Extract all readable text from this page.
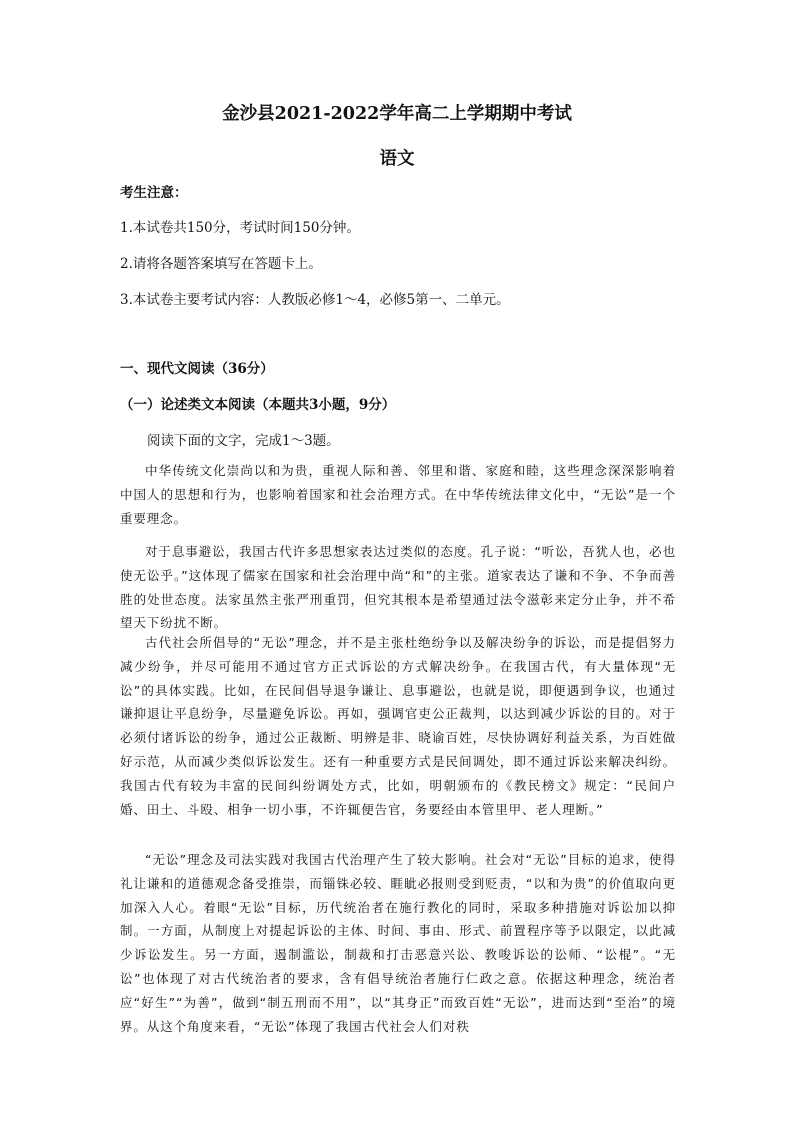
金沙县2021-2022学年高二上学期期中考试
语文
考生注意：
1.本试卷共150分，考试时间150分钟。
2.请将各题答案填写在答题卡上。
3.本试卷主要考试内容：人教版必修1～4，必修5第一、二单元。
一、现代文阅读（36分）
（一）论述类文本阅读（本题共3小题，9分）
阅读下面的文字，完成1～3题。

中华传统文化崇尚以和为贵，重视人际和善、邻里和谐、家庭和睦，这些理念深深影响着中国人的思想和行为，也影响着国家和社会治理方式。在中华传统法律文化中，“无讼”是一个重要理念。

对于息事避讼，我国古代许多思想家表达过类似的态度。孔子说：“听讼，吾犹人也，必也使无讼乎。”这体现了儒家在国家和社会治理中尚“和”的主张。道家表达了谦和不争、不争而善胜的处世态度。法家虽然主张严刑重罚，但究其根本是希望通过法令滋彰来定分止争，并不希望天下纷扰不断。

古代社会所倡导的“无讼”理念，并不是主张杜绝纷争以及解决纷争的诉讼，而是提倡努力减少纷争，并尽可能用不通过官方正式诉讼的方式解决纷争。在我国古代，有大量体现“无讼”的具体实践。比如，在民间倡导退争谦让、息事避讼，也就是说，即便遇到争议，也通过谦抑退让平息纷争，尽量避免诉讼。再如，强调官吏公正裁判，以达到减少诉讼的目的。对于必须付诸诉讼的纷争，通过公正裁断、明辨是非、晓谕百姓，尽快协调好利益关系，为百姓做好示范，从而减少类似诉讼发生。还有一种重要方式是民间调处，即不通过诉讼来解决纠纷。我国古代有较为丰富的民间纠纷调处方式，比如，明朝颁布的《教民榜文》规定：“民间户婚、田土、斗殴、相争一切小事，不许辄便告官，务要经由本管里甲、老人理断。”

“无讼”理念及司法实践对我国古代治理产生了较大影响。社会对“无讼”目标的追求，使得礼让谦和的道德观念备受推崇，而锱铢必较、睚眦必报则受到贬责，“以和为贵”的价值取向更加深入人心。着眼“无讼”目标，历代统治者在施行教化的同时，采取多种措施对诉讼加以抑制。一方面，从制度上对提起诉讼的主体、时间、事由、形式、前置程序等予以限定，以此减少诉讼发生。另一方面，遏制滥讼，制裁和打击恶意兴讼、教唆诉讼的讼师、“讼棍”。“无讼”也体现了对古代统治者的要求，含有倡导统治者施行仁政之意。依据这种理念，统治者应“好生”“为善”，做到“制五刑而不用”，以“其身正”而致百姓“无讼”，进而达到“至治”的境界。从这个角度来看，“无讼”体现了我国古代社会人们对秩
